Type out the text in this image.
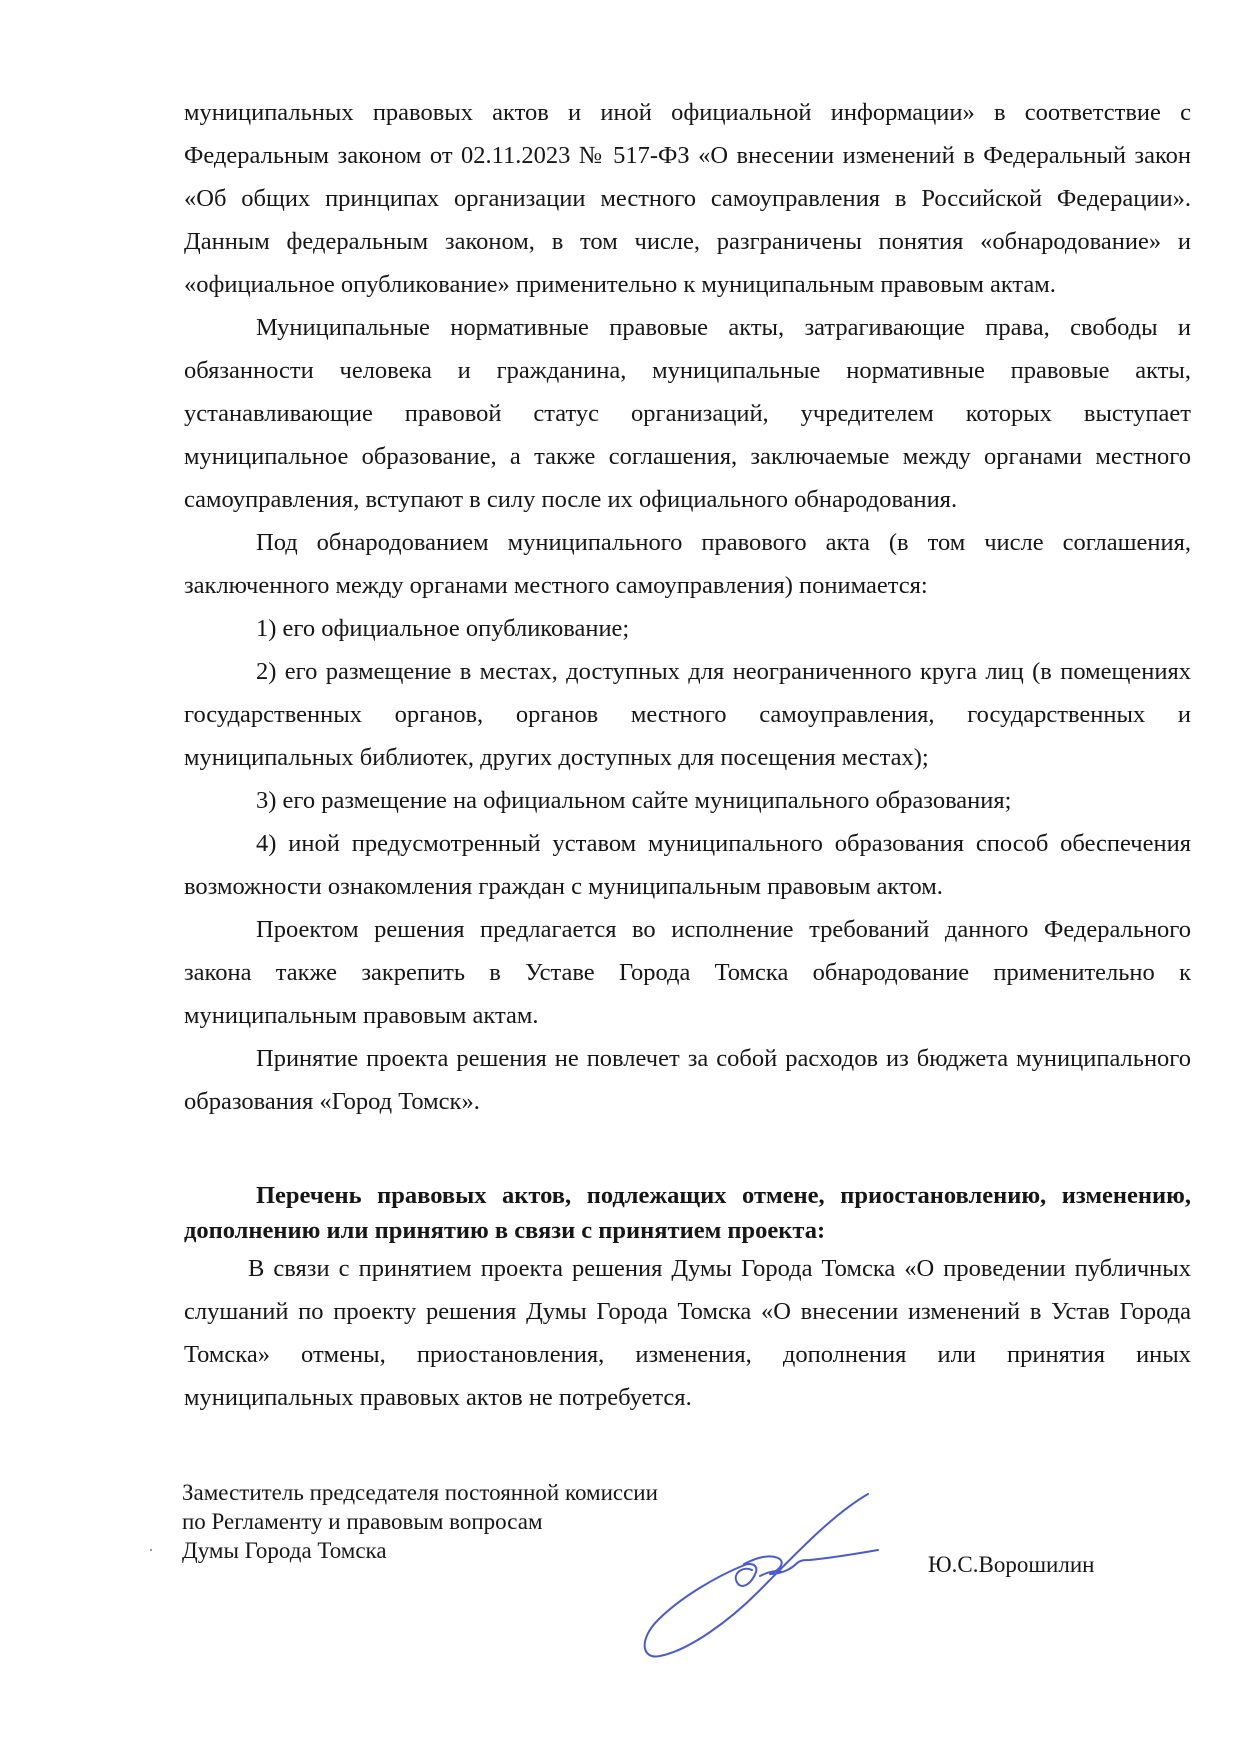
муниципальных правовых актов и иной официальной информации» в соответствие с Федеральным законом от 02.11.2023 № 517-ФЗ «О внесении изменений в Федеральный закон «Об общих принципах организации местного самоуправления в Российской Федерации». Данным федеральным законом, в том числе, разграничены понятия «обнародование» и «официальное опубликование» применительно к муниципальным правовым актам.

Муниципальные нормативные правовые акты, затрагивающие права, свободы и обязанности человека и гражданина, муниципальные нормативные правовые акты, устанавливающие правовой статус организаций, учредителем которых выступает муниципальное образование, а также соглашения, заключаемые между органами местного самоуправления, вступают в силу после их официального обнародования.

Под обнародованием муниципального правового акта (в том числе соглашения, заключенного между органами местного самоуправления) понимается:

1) его официальное опубликование;

2) его размещение в местах, доступных для неограниченного круга лиц (в помещениях государственных органов, органов местного самоуправления, государственных и муниципальных библиотек, других доступных для посещения местах);

3) его размещение на официальном сайте муниципального образования;

4) иной предусмотренный уставом муниципального образования способ обеспечения возможности ознакомления граждан с муниципальным правовым актом.

Проектом решения предлагается во исполнение требований данного Федерального закона также закрепить в Уставе Города Томска обнародование применительно к муниципальным правовым актам.

Принятие проекта решения не повлечет за собой расходов из бюджета муниципального образования «Город Томск».

Перечень правовых актов, подлежащих отмене, приостановлению, изменению, дополнению или принятию в связи с принятием проекта:

В связи с принятием проекта решения Думы Города Томска «О проведении публичных слушаний по проекту решения Думы Города Томска «О внесении изменений в Устав Города Томска» отмены, приостановления, изменения, дополнения или принятия иных муниципальных правовых актов не потребуется.

Заместитель председателя постоянной комиссии
по Регламенту и правовым вопросам
Думы Города Томска
Ю.С.Ворошилин
